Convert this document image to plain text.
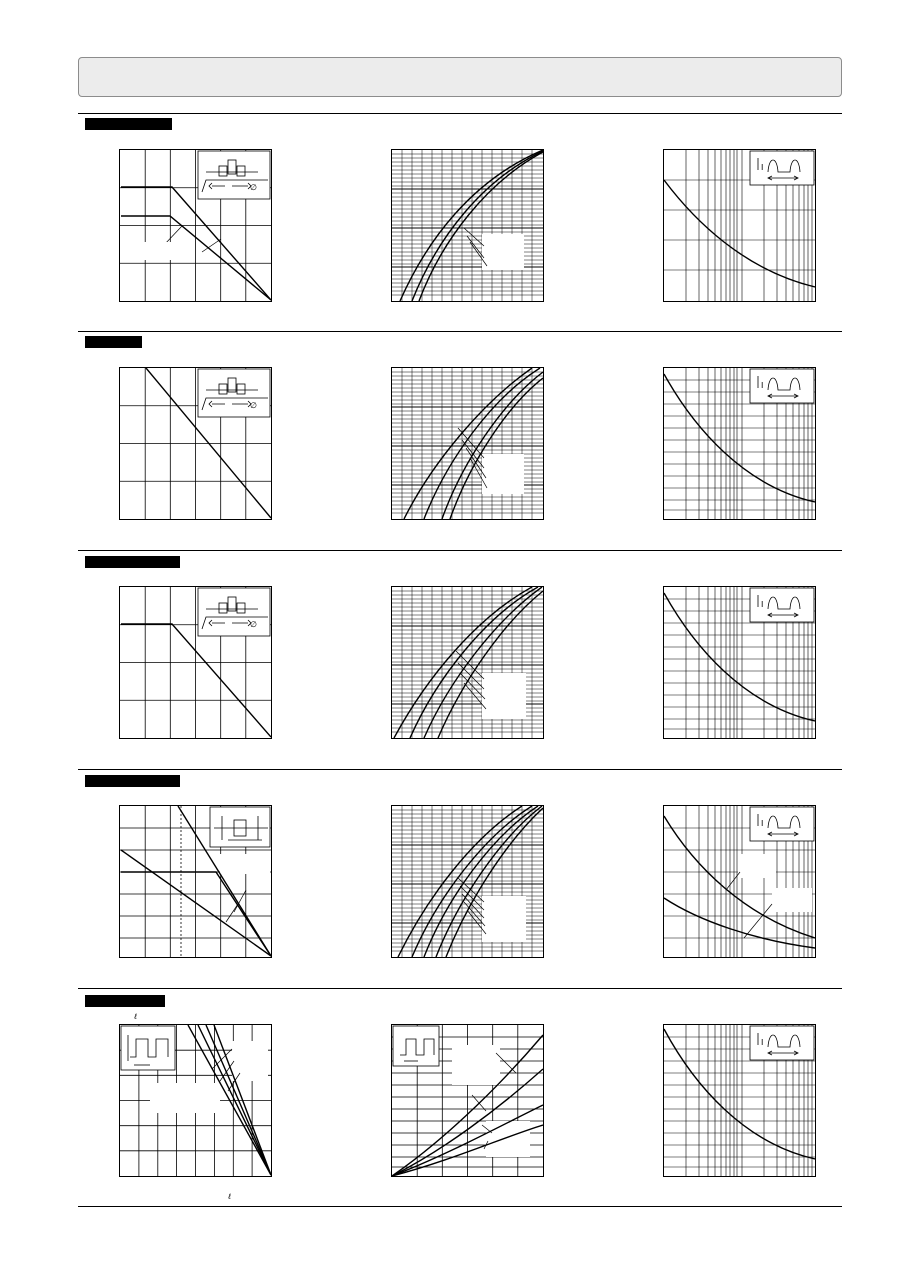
ℓ
ℓ
∅
I
∅
I
∅
I
I
I
